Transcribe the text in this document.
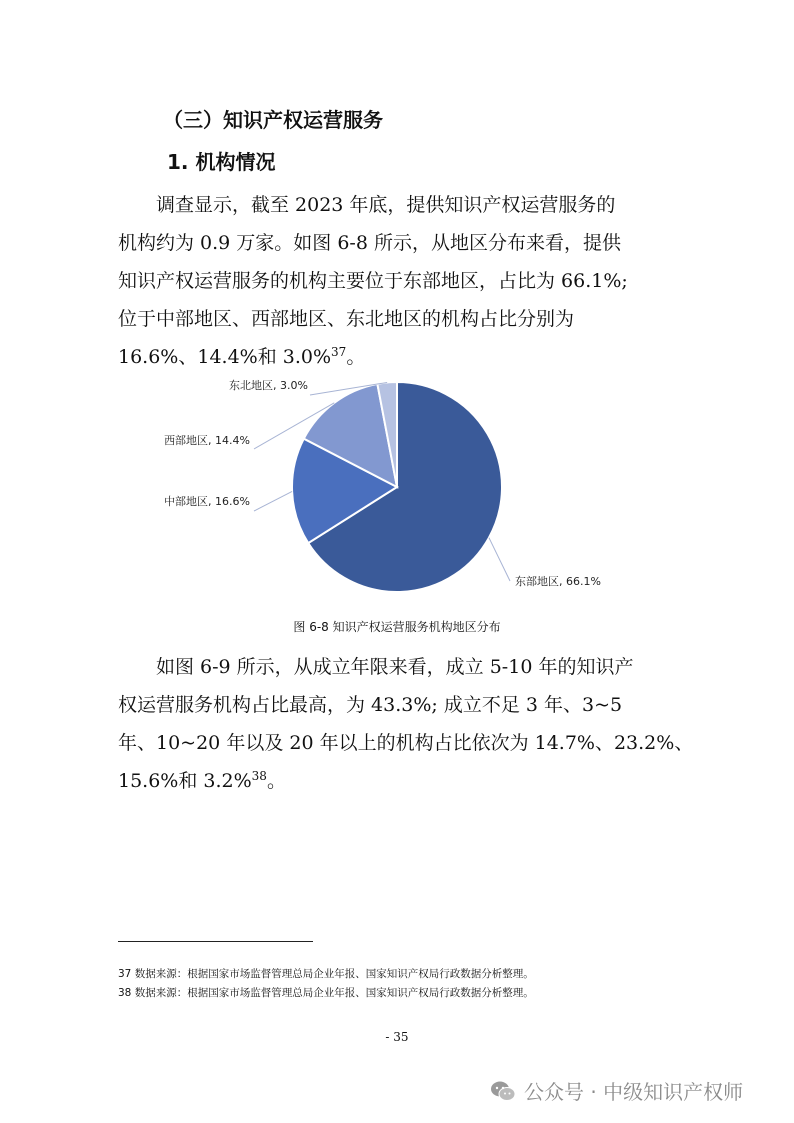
（三）知识产权运营服务
1. 机构情况
调查显示，截至 2023 年底，提供知识产权运营服务的
机构约为 0.9 万家。如图 6-8 所示，从地区分布来看，提供
知识产权运营服务的机构主要位于东部地区，占比为 66.1%;
位于中部地区、西部地区、东北地区的机构占比分别为
16.6%、14.4%和 3.0%$^{37}$。
东部地区, 66.1%
中部地区, 16.6%
西部地区, 14.4%
东北地区, 3.0%
图 6-8 知识产权运营服务机构地区分布
如图 6-9 所示，从成立年限来看，成立 5-10 年的知识产
权运营服务机构占比最高，为 43.3%; 成立不足 3 年、3~5
年、10~20 年以及 20 年以上的机构占比依次为 14.7%、23.2%、
15.6%和 3.2%$^{38}$。
37 数据来源：根据国家市场监督管理总局企业年报、国家知识产权局行政数据分析整理。
38 数据来源：根据国家市场监督管理总局企业年报、国家知识产权局行政数据分析整理。
- 35
公众号 · 中级知识产权师
